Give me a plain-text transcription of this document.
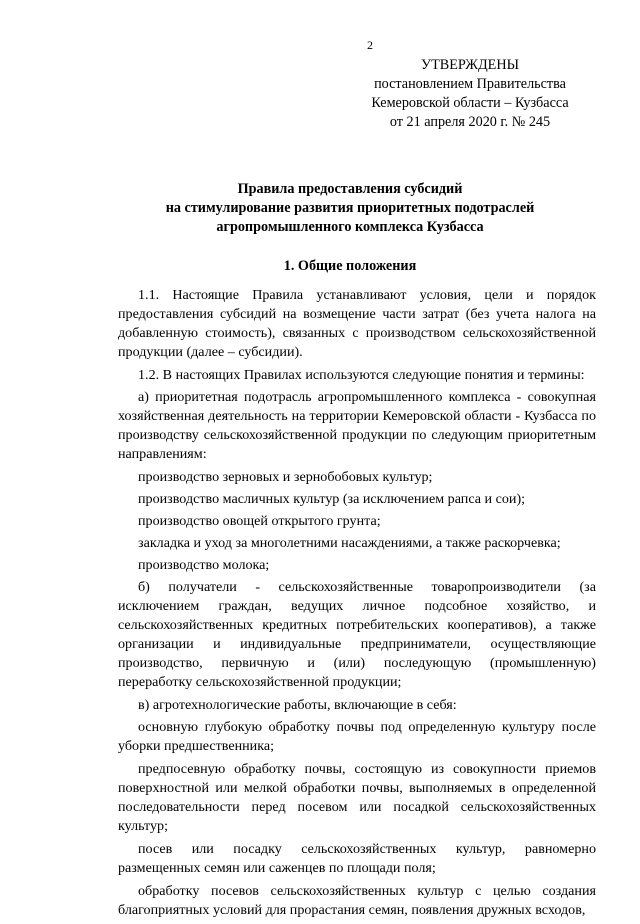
2
УТВЕРЖДЕНЫ
постановлением Правительства
Кемеровской области – Кузбасса
от 21 апреля 2020 г. № 245
Правила предоставления субсидий
на стимулирование развития приоритетных подотраслей
агропромышленного комплекса Кузбасса
1. Общие положения

1.1. Настоящие Правила устанавливают условия, цели и порядок предоставления субсидий на возмещение части затрат (без учета налога на добавленную стоимость), связанных с производством сельскохозяйственной продукции (далее – субсидии).

1.2. В настоящих Правилах используются следующие понятия и термины:

а) приоритетная подотрасль агропромышленного комплекса - совокупная хозяйственная деятельность на территории Кемеровской области - Кузбасса по производству сельскохозяйственной продукции по следующим приоритетным направлениям:

производство зерновых и зернобобовых культур;

производство масличных культур (за исключением рапса и сои);

производство овощей открытого грунта;

закладка и уход за многолетними насаждениями, а также раскорчевка;

производство молока;

б) получатели - сельскохозяйственные товаропроизводители (за исключением граждан, ведущих личное подсобное хозяйство, и сельскохозяйственных кредитных потребительских кооперативов), а также организации и индивидуальные предприниматели, осуществляющие производство, первичную и (или) последующую (промышленную) переработку сельскохозяйственной продукции;

в) агротехнологические работы, включающие в себя:

основную глубокую обработку почвы под определенную культуру после уборки предшественника;

предпосевную обработку почвы, состоящую из совокупности приемов поверхностной или мелкой обработки почвы, выполняемых в определенной последовательности перед посевом или посадкой сельскохозяйственных культур;

посев или посадку сельскохозяйственных культур, равномерно размещенных семян или саженцев по площади поля;

обработку посевов сельскохозяйственных культур с целью создания благоприятных условий для прорастания семян, появления дружных всходов,
